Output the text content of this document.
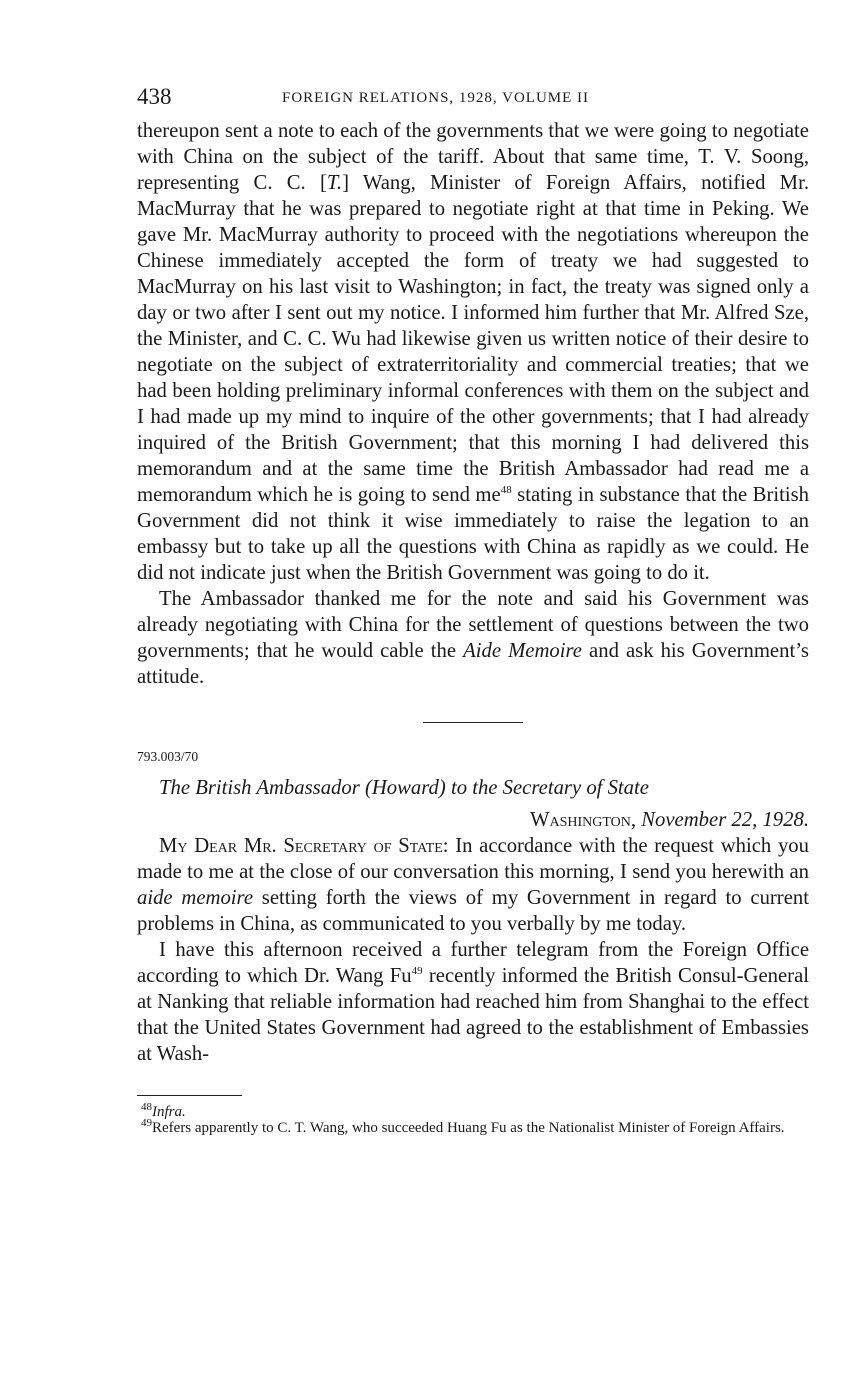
438	FOREIGN RELATIONS, 1928, VOLUME II

thereupon sent a note to each of the governments that we were going to negotiate with China on the subject of the tariff. About that same time, T. V. Soong, representing C. C. [T.] Wang, Minister of Foreign Affairs, notified Mr. MacMurray that he was prepared to negotiate right at that time in Peking. We gave Mr. MacMurray authority to proceed with the negotiations whereupon the Chinese immediately accepted the form of treaty we had suggested to MacMurray on his last visit to Washington; in fact, the treaty was signed only a day or two after I sent out my notice. I informed him further that Mr. Alfred Sze, the Minister, and C. C. Wu had likewise given us written notice of their desire to negotiate on the subject of extraterritoriality and commercial treaties; that we had been holding preliminary informal conferences with them on the subject and I had made up my mind to inquire of the other governments; that I had already inquired of the British Government; that this morning I had delivered this memorandum and at the same time the British Ambassador had read me a memorandum which he is going to send me$^{48}$ stating in substance that the British Government did not think it wise immediately to raise the legation to an embassy but to take up all the questions with China as rapidly as we could. He did not indicate just when the British Government was going to do it.

The Ambassador thanked me for the note and said his Government was already negotiating with China for the settlement of questions between the two governments; that he would cable the Aide Memoire and ask his Government’s attitude.

793.003/70

The British Ambassador (Howard) to the Secretary of State

Washington, November 22, 1928.

My Dear Mr. Secretary of State: In accordance with the request which you made to me at the close of our conversation this morning, I send you herewith an aide memoire setting forth the views of my Government in regard to current problems in China, as communicated to you verbally by me today.

I have this afternoon received a further telegram from the Foreign Office according to which Dr. Wang Fu$^{49}$ recently informed the British Consul-General at Nanking that reliable information had reached him from Shanghai to the effect that the United States Government had agreed to the establishment of Embassies at Wash-

$^{48}$Infra.

$^{49}$Refers apparently to C. T. Wang, who succeeded Huang Fu as the Nationalist Minister of Foreign Affairs.
